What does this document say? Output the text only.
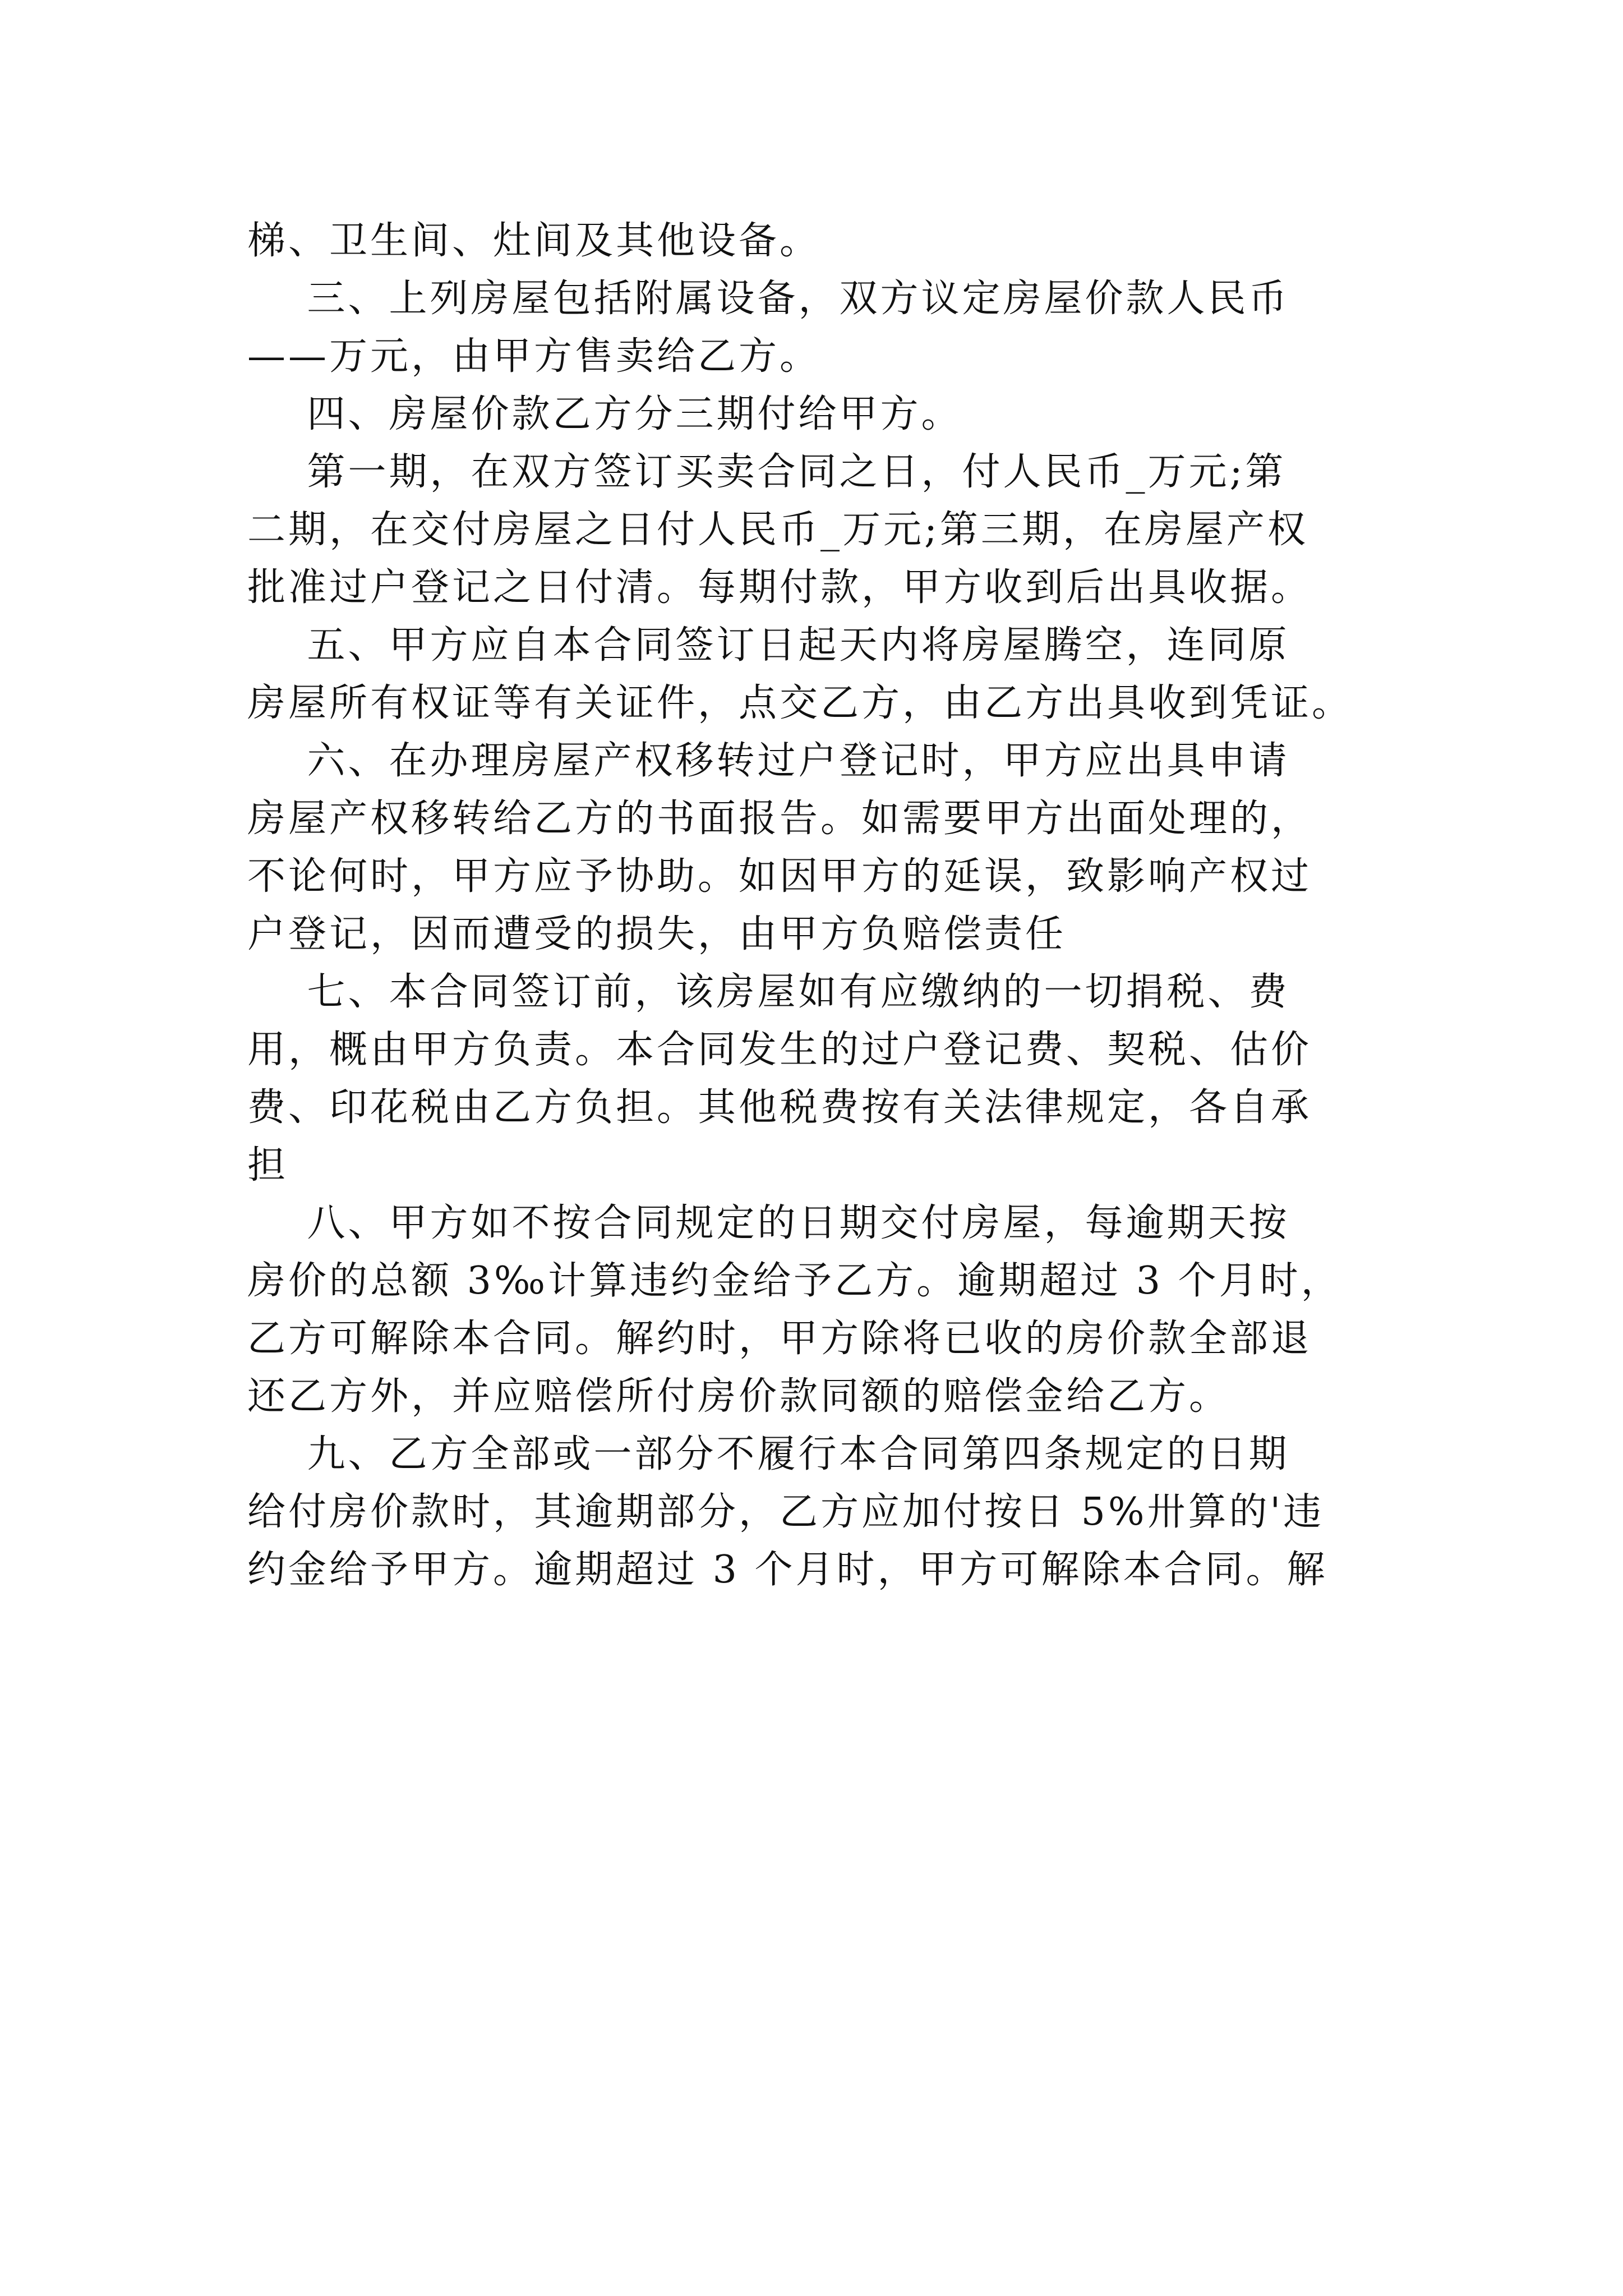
梯、卫生间、灶间及其他设备。
三、上列房屋包括附属设备，双方议定房屋价款人民币
——万元，由甲方售卖给乙方。
四、房屋价款乙方分三期付给甲方。
第一期，在双方签订买卖合同之日，付人民币_万元;第
二期，在交付房屋之日付人民币_万元;第三期，在房屋产权
批准过户登记之日付清。每期付款，甲方收到后出具收据。
五、甲方应自本合同签订日起天内将房屋腾空，连同原
房屋所有权证等有关证件，点交乙方，由乙方出具收到凭证。
六、在办理房屋产权移转过户登记时，甲方应出具申请
房屋产权移转给乙方的书面报告。如需要甲方出面处理的，
不论何时，甲方应予协助。如因甲方的延误，致影响产权过
户登记，因而遭受的损失，由甲方负赔偿责任
七、本合同签订前，该房屋如有应缴纳的一切捐税、费
用，概由甲方负责。本合同发生的过户登记费、契税、估价
费、印花税由乙方负担。其他税费按有关法律规定，各自承
担
八、甲方如不按合同规定的日期交付房屋，每逾期天按
房价的总额 3‰计算违约金给予乙方。逾期超过 3 个月时，
乙方可解除本合同。解约时，甲方除将已收的房价款全部退
还乙方外，并应赔偿所付房价款同额的赔偿金给乙方。
九、乙方全部或一部分不履行本合同第四条规定的日期
给付房价款时，其逾期部分，乙方应加付按日 5%卅算的'违
约金给予甲方。逾期超过 3 个月时，甲方可解除本合同。解
